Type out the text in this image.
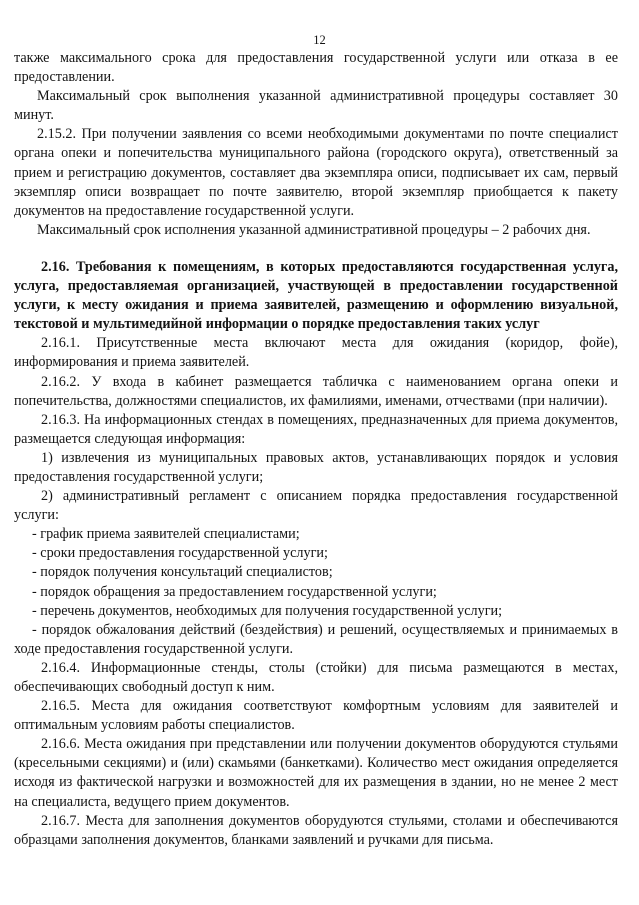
12

также максимального срока для предоставления государственной услуги или отказа в ее предоставлении.

Максимальный срок выполнения указанной административной процедуры составляет 30 минут.

2.15.2. При получении заявления со всеми необходимыми документами по почте специалист органа опеки и попечительства муниципального района (городского округа), ответственный за прием и регистрацию документов, составляет два экземпляра описи, подписывает их сам, первый экземпляр описи возвращает по почте заявителю, второй экземпляр приобщается к пакету документов на предоставление государственной услуги.

Максимальный срок исполнения указанной административной процедуры – 2 рабочих дня.

2.16. Требования к помещениям, в которых предоставляются государственная услуга, услуга, предоставляемая организацией, участвующей в предоставлении государственной услуги, к месту ожидания и приема заявителей, размещению и оформлению визуальной, текстовой и мультимедийной информации о порядке предоставления таких услуг

2.16.1. Присутственные места включают места для ожидания (коридор, фойе), информирования и приема заявителей.

2.16.2. У входа в кабинет размещается табличка с наименованием органа опеки и попечительства, должностями специалистов, их фамилиями, именами, отчествами (при наличии).

2.16.3. На информационных стендах в помещениях, предназначенных для приема документов, размещается следующая информация:

1) извлечения из муниципальных правовых актов, устанавливающих порядок и условия предоставления государственной услуги;

2) административный регламент с описанием порядка предоставления государственной услуги:

- график приема заявителей специалистами;

- сроки предоставления государственной услуги;

- порядок получения консультаций специалистов;

- порядок обращения за предоставлением государственной услуги;

- перечень документов, необходимых для получения государственной услуги;

- порядок обжалования действий (бездействия) и решений, осуществляемых и принимаемых в ходе предоставления государственной услуги.

2.16.4. Информационные стенды, столы (стойки) для письма размещаются в местах, обеспечивающих свободный доступ к ним.

2.16.5. Места для ожидания соответствуют комфортным условиям для заявителей и оптимальным условиям работы специалистов.

2.16.6. Места ожидания при представлении или получении документов оборудуются стульями (кресельными секциями) и (или) скамьями (банкетками). Количество мест ожидания определяется исходя из фактической нагрузки и возможностей для их размещения в здании, но не менее 2 мест на специалиста, ведущего прием документов.

2.16.7. Места для заполнения документов оборудуются стульями, столами и обеспечиваются образцами заполнения документов, бланками заявлений и ручками для письма.
